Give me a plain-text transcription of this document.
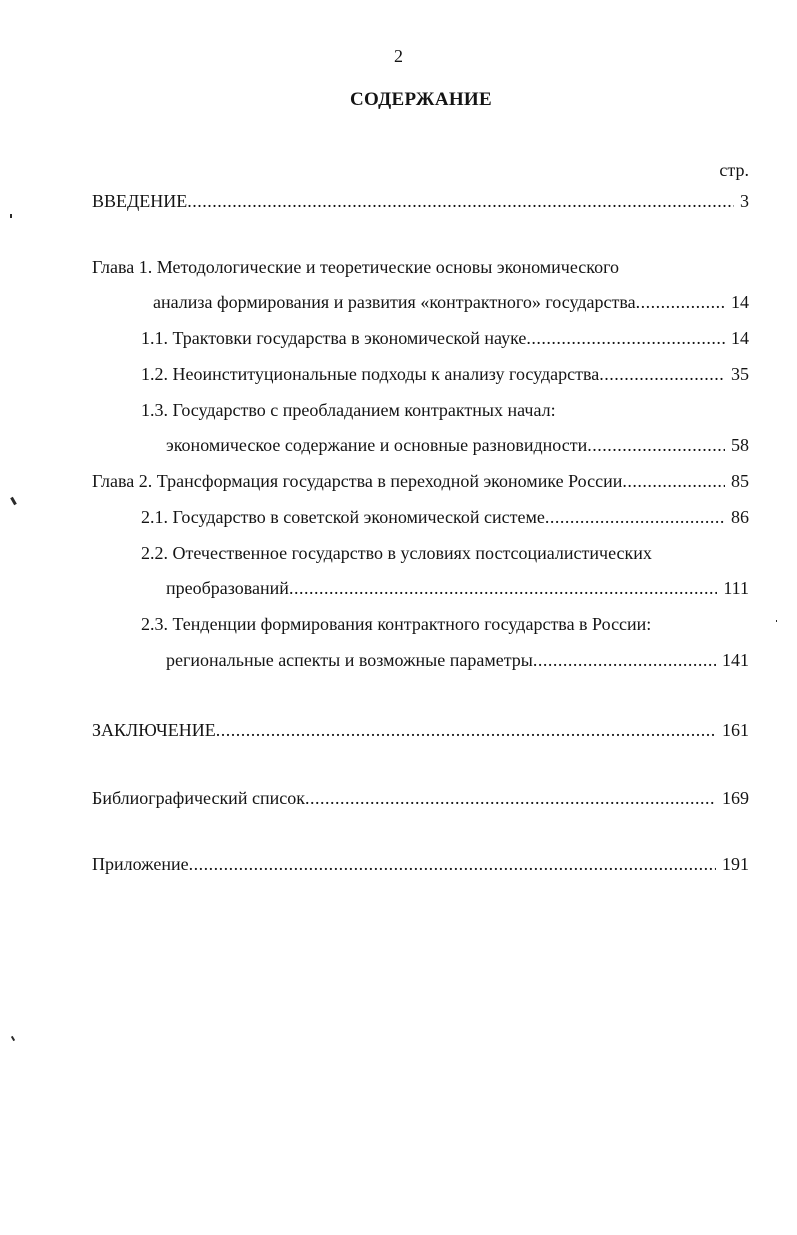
2
СОДЕРЖАНИЕ
стр.
ВВЕДЕНИЕ .....	3
Глава 1. Методологические и теоретические основы экономического
анализа формирования и развития «контрактного» государства .....	14
1.1. Трактовки государства в экономической науке .....	14
1.2. Неоинституциональные подходы к анализу государства .....	35
1.3. Государство с преобладанием контрактных начал:
экономическое содержание и основные разновидности .....	58
Глава 2. Трансформация государства в переходной экономике России .....	85
2.1. Государство в советской экономической системе .....	86
2.2. Отечественное государство в условиях постсоциалистических
преобразований .....	111
2.3. Тенденции формирования контрактного государства в России:
региональные аспекты и возможные параметры .....	141
ЗАКЛЮЧЕНИЕ .....	161
Библиографический список .....	169
Приложение .....	191
